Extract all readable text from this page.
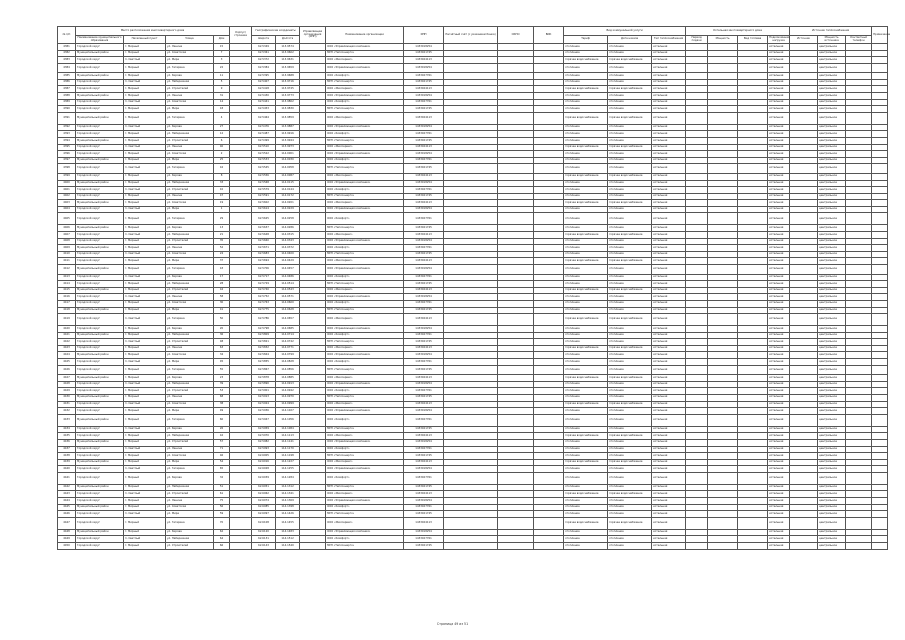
№ п/п	Место расположения многоквартирного дома				Корпус/строение	Географические координаты		Управляющая организация (ИНН)	Наименование организации	ИНН	Расчётный счёт (с указанием банка)	ОКПО	БИК	Вид коммунальной услуги			Котельная многоквартирного дома				Источник теплоснабжения			Примечание
	Наименование муниципального образования	Населенный пункт	Улица	Дом		Широта	Долгота							Тариф	Дата начала	Тип теплоснабжения	Период подачи	Мощность	Вид топлива	Подключённая нагрузка	Источник	Мощность источника	Контактный телефон	
4381	Городской округ	г. Мирный	ул. Ленина	15		62.5349	113.9574		ООО «Управляющая компания»	1433018254				отопление	отопление	котельная				котельная		центральное		
4382	Муниципальный район	г. Мирный	ул. Советская	7		62.5361	113.9602		МУП «Теплоэнерго»	1433021745				отопление	отопление	котельная				котельная		центральное		
4383	Городской округ	п. Светлый	ул. Мира	3		62.5372	113.9631		ООО «Жилсервис»	1433024113				горячее водоснабжение	горячее водоснабжение	котельная				котельная		центральное		
4384	Городской округ	г. Мирный	ул. Гагарина	22		62.5384	113.9659		ООО «Управляющая компания»	1433018254				отопление	отопление	котельная				котельная		центральное		
4385	Муниципальный район	г. Мирный	ул. Кирова	11		62.5395	113.9688		ООО «Комфорт»	1433027761				отопление	отопление	котельная				котельная		центральное		
4386	Городской округ	п. Светлый	ул. Набережная	5		62.5407	113.9716		МУП «Теплоэнерго»	1433021745				отопление	отопление	котельная				котельная		центральное		
4387	Городской округ	г. Мирный	ул. Строителей	9		62.5418	113.9745		ООО «Жилсервис»	1433024113				горячее водоснабжение	горячее водоснабжение	котельная				котельная		центральное		
4388	Муниципальный район	г. Мирный	ул. Ленина	31		62.5430	113.9773		ООО «Управляющая компания»	1433018254				отопление	отопление	котельная				котельная		центральное		
4389	Городской округ	п. Светлый	ул. Советская	14		62.5441	113.9802		ООО «Комфорт»	1433027761				отопление	отопление	котельная				котельная		центральное		
4390	Городской округ	г. Мирный	ул. Мира	18		62.5453	113.9830		МУП «Теплоэнерго»	1433021745				отопление	отопление	котельная				котельная		центральное		
4391	Муниципальный район	г. Мирный	ул. Гагарина	4		62.5464	113.9859		ООО «Жилсервис»	1433024113				горячее водоснабжение	горячее водоснабжение	котельная				котельная		центральное		
4392	Городской округ	п. Светлый	ул. Кирова	27		62.5476	113.9887		ООО «Управляющая компания»	1433018254				отопление	отопление	котельная				котельная		центральное		
4393	Городской округ	г. Мирный	ул. Набережная	12		62.5487	113.9916		ООО «Комфорт»	1433027761				отопление	отопление	котельная				котельная		центральное		
4394	Муниципальный район	г. Мирный	ул. Строителей	6		62.5499	113.9944		МУП «Теплоэнерго»	1433021745				отопление	отопление	котельная				котельная		центральное		
4395	Городской округ	п. Светлый	ул. Ленина	40		62.5510	113.9973		ООО «Жилсервис»	1433024113				горячее водоснабжение	горячее водоснабжение	котельная				котельная		центральное		
4396	Городской округ	г. Мирный	ул. Советская	2		62.5522	114.0001		ООО «Управляющая компания»	1433018254				отопление	отопление	котельная				котельная		центральное		
4397	Муниципальный район	г. Мирный	ул. Мира	25		62.5533	114.0030		ООО «Комфорт»	1433027761				отопление	отопление	котельная				котельная		центральное		
4398	Городской округ	п. Светлый	ул. Гагарина	16		62.5545	114.0058		МУП «Теплоэнерго»	1433021745				отопление	отопление	котельная				котельная		центральное		
4399	Городской округ	г. Мирный	ул. Кирова	8		62.5556	114.0087		ООО «Жилсервис»	1433024113				горячее водоснабжение	горячее водоснабжение	котельная				котельная		центральное		
4400	Муниципальный район	г. Мирный	ул. Набережная	33		62.5568	114.0115		ООО «Управляющая компания»	1433018254				отопление	отопление	котельная				котельная		центральное		
4401	Городской округ	п. Светлый	ул. Строителей	10		62.5579	114.0144		ООО «Комфорт»	1433027761				отопление	отопление	котельная				котельная		центральное		
4402	Городской округ	г. Мирный	ул. Ленина	47		62.5591	114.0172		МУП «Теплоэнерго»	1433021745				отопление	отопление	котельная				котельная		центральное		
4403	Муниципальный район	г. Мирный	ул. Советская	19		62.5602	114.0201		ООО «Жилсервис»	1433024113				горячее водоснабжение	горячее водоснабжение	котельная				котельная		центральное		
4404	Городской округ	п. Светлый	ул. Мира	1		62.5614	114.0229		ООО «Управляющая компания»	1433018254				отопление	отопление	котельная				котельная		центральное		
4405	Городской округ	г. Мирный	ул. Гагарина	29		62.5625	114.0258		ООО «Комфорт»	1433027761				отопление	отопление	котельная				котельная		центральное		
4406	Муниципальный район	г. Мирный	ул. Кирова	13		62.5637	114.0286		МУП «Теплоэнерго»	1433021745				отопление	отопление	котельная				котельная		центральное		
4407	Городской округ	п. Светлый	ул. Набережная	21		62.5648	114.0315		ООО «Жилсервис»	1433024113				горячее водоснабжение	горячее водоснабжение	котельная				котельная		центральное		
4408	Городской округ	г. Мирный	ул. Строителей	35		62.5660	114.0343		ООО «Управляющая компания»	1433018254				отопление	отопление	котельная				котельная		центральное		
4409	Муниципальный район	г. Мирный	ул. Ленина	52		62.5671	114.0372		ООО «Комфорт»	1433027761				отопление	отопление	котельная				котельная		центральное		
4410	Городской округ	п. Светлый	ул. Советская	24		62.5683	114.0400		МУП «Теплоэнерго»	1433021745				отопление	отопление	котельная				котельная		центральное		
4411	Городской округ	г. Мирный	ул. Мира	37		62.5694	114.0429		ООО «Жилсервис»	1433024113				горячее водоснабжение	горячее водоснабжение	котельная				котельная		центральное		
4412	Муниципальный район	г. Мирный	ул. Гагарина	43		62.5706	114.0457		ООО «Управляющая компания»	1433018254				отопление	отопление	котельная				котельная		центральное		
4413	Городской округ	п. Светлый	ул. Кирова	17		62.5717	114.0486		ООО «Комфорт»	1433027761				отопление	отопление	котельная				котельная		центральное		
4414	Городской округ	г. Мирный	ул. Набережная	28		62.5729	114.0514		МУП «Теплоэнерго»	1433021745				отопление	отопление	котельная				котельная		центральное		
4415	Муниципальный район	г. Мирный	ул. Строителей	44		62.5740	114.0543		ООО «Жилсервис»	1433024113				горячее водоснабжение	горячее водоснабжение	котельная				котельная		центральное		
4416	Городской округ	п. Светлый	ул. Ленина	58		62.5752	114.0571		ООО «Управляющая компания»	1433018254				отопление	отопление	котельная				котельная		центральное		
4417	Городской округ	г. Мирный	ул. Советская	30		62.5763	114.0600		ООО «Комфорт»	1433027761				отопление	отопление	котельная				котельная		центральное		
4418	Муниципальный район	г. Мирный	ул. Мира	41		62.5775	114.0628		МУП «Теплоэнерго»	1433021745				отопление	отопление	котельная				котельная		центральное		
4419	Городской округ	п. Светлый	ул. Гагарина	50		62.5786	114.0657		ООО «Жилсервис»	1433024113				горячее водоснабжение	горячее водоснабжение	котельная				котельная		центральное		
4420	Городской округ	г. Мирный	ул. Кирова	20		62.5798	114.0685		ООО «Управляющая компания»	1433018254				отопление	отопление	котельная				котельная		центральное		
4421	Муниципальный район	г. Мирный	ул. Набережная	36		62.5809	114.0714		ООО «Комфорт»	1433027761				отопление	отопление	котельная				котельная		центральное		
4422	Городской округ	п. Светлый	ул. Строителей	48		62.5821	114.0742		МУП «Теплоэнерго»	1433021745				отопление	отопление	котельная				котельная		центральное		
4423	Городской округ	г. Мирный	ул. Ленина	63		62.5832	114.0771		ООО «Жилсервис»	1433024113				горячее водоснабжение	горячее водоснабжение	котельная				котельная		центральное		
4424	Муниципальный район	г. Мирный	ул. Советская	34		62.5844	114.0799		ООО «Управляющая компания»	1433018254				отопление	отопление	котельная				котельная		центральное		
4425	Городской округ	п. Светлый	ул. Мира	45		62.5855	114.0828		ООО «Комфорт»	1433027761				отопление	отопление	котельная				котельная		центральное		
4426	Городской округ	г. Мирный	ул. Гагарина	55		62.5867	114.0856		МУП «Теплоэнерго»	1433021745				отопление	отопление	котельная				котельная		центральное		
4427	Муниципальный район	г. Мирный	ул. Кирова	23		62.5878	114.0885		ООО «Жилсервис»	1433024113				горячее водоснабжение	горячее водоснабжение	котельная				котельная		центральное		
4428	Городской округ	п. Светлый	ул. Набережная	39		62.5890	114.0913		ООО «Управляющая компания»	1433018254				отопление	отопление	котельная				котельная		центральное		
4429	Городской округ	г. Мирный	ул. Строителей	53		62.5901	114.0942		ООО «Комфорт»	1433027761				отопление	отопление	котельная				котельная		центральное		
4430	Муниципальный район	г. Мирный	ул. Ленина	68		62.5913	114.0970		МУП «Теплоэнерго»	1433021745				отопление	отопление	котельная				котельная		центральное		
4431	Городской округ	п. Светлый	ул. Советская	38		62.5924	114.0999		ООО «Жилсервис»	1433024113				горячее водоснабжение	горячее водоснабжение	котельная				котельная		центральное		
4432	Городской округ	г. Мирный	ул. Мира	49		62.5936	114.1027		ООО «Управляющая компания»	1433018254				отопление	отопление	котельная				котельная		центральное		
4433	Муниципальный район	г. Мирный	ул. Гагарина	60		62.5947	114.1056		ООО «Комфорт»	1433027761				отопление	отопление	котельная				котельная		центральное		
4434	Городской округ	п. Светлый	ул. Кирова	26		62.5959	114.1084		МУП «Теплоэнерго»	1433021745				отопление	отопление	котельная				котельная		центральное		
4435	Городской округ	г. Мирный	ул. Набережная	42		62.5970	114.1113		ООО «Жилсервис»	1433024113				горячее водоснабжение	горячее водоснабжение	котельная				котельная		центральное		
4436	Муниципальный район	г. Мирный	ул. Строителей	57		62.5982	114.1141		ООО «Управляющая компания»	1433018254				отопление	отопление	котельная				котельная		центральное		
4437	Городской округ	п. Светлый	ул. Ленина	71		62.5993	114.1170		ООО «Комфорт»	1433027761				отопление	отопление	котельная				котельная		центральное		
4438	Городской округ	г. Мирный	ул. Советская	46		62.6005	114.1198		МУП «Теплоэнерго»	1433021745				отопление	отопление	котельная				котельная		центральное		
4439	Муниципальный район	г. Мирный	ул. Мира	54		62.6016	114.1227		ООО «Жилсервис»	1433024113				горячее водоснабжение	горячее водоснабжение	котельная				котельная		центральное		
4440	Городской округ	п. Светлый	ул. Гагарина	65		62.6028	114.1255		ООО «Управляющая компания»	1433018254				отопление	отопление	котельная				котельная		центральное		
4441	Городской округ	г. Мирный	ул. Кирова	32		62.6039	114.1284		ООО «Комфорт»	1433027761				отопление	отопление	котельная				котельная		центральное		
4442	Муниципальный район	г. Мирный	ул. Набережная	51		62.6051	114.1312		МУП «Теплоэнерго»	1433021745				отопление	отопление	котельная				котельная		центральное		
4443	Городской округ	п. Светлый	ул. Строителей	61		62.6062	114.1341		ООО «Жилсервис»	1433024113				горячее водоснабжение	горячее водоснабжение	котельная				котельная		центральное		
4444	Городской округ	г. Мирный	ул. Ленина	75		62.6074	114.1369		ООО «Управляющая компания»	1433018254				отопление	отопление	котельная				котельная		центральное		
4445	Муниципальный район	г. Мирный	ул. Советская	56		62.6085	114.1398		ООО «Комфорт»	1433027761				отопление	отопление	котельная				котельная		центральное		
4446	Городской округ	п. Светлый	ул. Мира	59		62.6097	114.1426		МУП «Теплоэнерго»	1433021745				отопление	отопление	котельная				котельная		центральное		
4447	Городской округ	г. Мирный	ул. Гагарина	70		62.6108	114.1455		ООО «Жилсервис»	1433024113				горячее водоснабжение	горячее водоснабжение	котельная				котельная		центральное		
4448	Муниципальный район	г. Мирный	ул. Кирова	62		62.6120	114.1483		ООО «Управляющая компания»	1433018254				отопление	отопление	котельная				котельная		центральное		
4449	Городской округ	п. Светлый	ул. Набережная	64		62.6131	114.1512		ООО «Комфорт»	1433027761				отопление	отопление	котельная				котельная		центральное		
4450	Городской округ	г. Мирный	ул. Строителей	66		62.6143	114.1540		МУП «Теплоэнерго»	1433021745				отопление	отопление	котельная				котельная		центральное		
Страница 49 из 51
